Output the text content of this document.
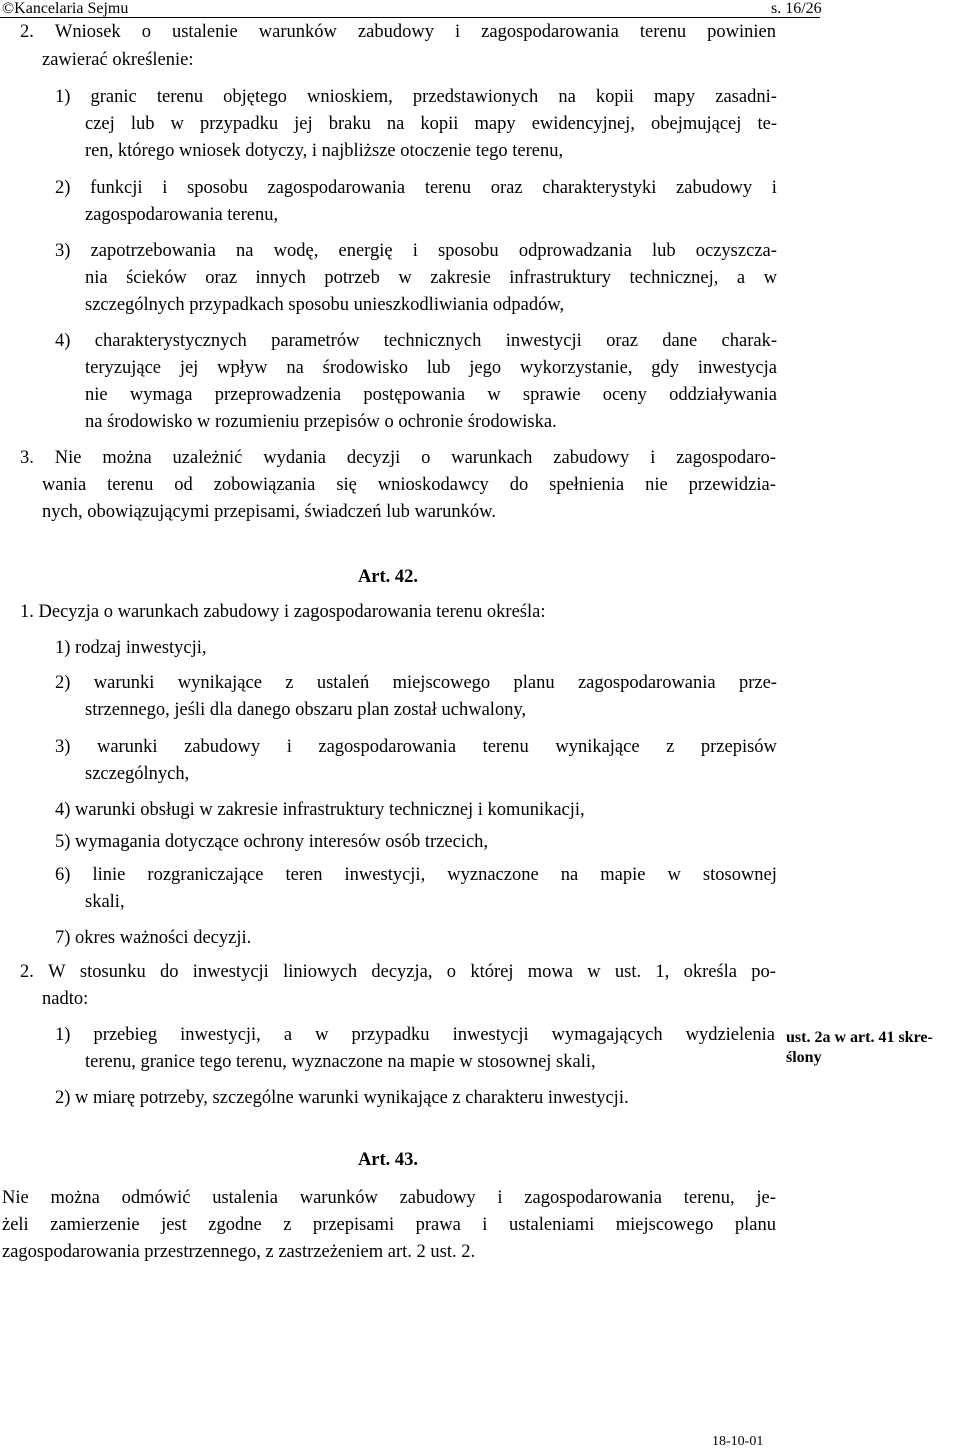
©Kancelaria Sejmu	s. 16/26
2. Wniosek o ustalenie warunków zabudowy i zagospodarowania terenu powinien
zawierać określenie:
1) granic terenu objętego wnioskiem, przedstawionych na kopii mapy zasadni-
czej lub w przypadku jej braku na kopii mapy ewidencyjnej, obejmującej te-
ren, którego wniosek dotyczy, i najbliższe otoczenie tego terenu,
2) funkcji i sposobu zagospodarowania terenu oraz charakterystyki zabudowy i
zagospodarowania terenu,
3) zapotrzebowania na wodę, energię i sposobu odprowadzania lub oczyszcza-
nia ścieków oraz innych potrzeb w zakresie infrastruktury technicznej, a w
szczególnych przypadkach sposobu unieszkodliwiania odpadów,
4) charakterystycznych parametrów technicznych inwestycji oraz dane charak-
teryzujące jej wpływ na środowisko lub jego wykorzystanie, gdy inwestycja
nie wymaga przeprowadzenia postępowania w sprawie oceny oddziaływania
na środowisko w rozumieniu przepisów o ochronie środowiska.
3. Nie można uzależnić wydania decyzji o warunkach zabudowy i zagospodaro-
wania terenu od zobowiązania się wnioskodawcy do spełnienia nie przewidzia-
nych, obowiązującymi przepisami, świadczeń lub warunków.
1. Decyzja o warunkach zabudowy i zagospodarowania terenu określa:
1) rodzaj inwestycji,
2) warunki wynikające z ustaleń miejscowego planu zagospodarowania prze-
strzennego, jeśli dla danego obszaru plan został uchwalony,
3) warunki zabudowy i zagospodarowania terenu wynikające z przepisów
szczególnych,
4) warunki obsługi w zakresie infrastruktury technicznej i komunikacji,
5) wymagania dotyczące ochrony interesów osób trzecich,
6) linie rozgraniczające teren inwestycji, wyznaczone na mapie w stosownej
skali,
7) okres ważności decyzji.
2. W stosunku do inwestycji liniowych decyzja, o której mowa w ust. 1, określa po-
nadto:
1) przebieg inwestycji, a w przypadku inwestycji wymagających wydzielenia
terenu, granice tego terenu, wyznaczone na mapie w stosownej skali,
2) w miarę potrzeby, szczególne warunki wynikające z charakteru inwestycji.
Nie można odmówić ustalenia warunków zabudowy i zagospodarowania terenu, je-
żeli zamierzenie jest zgodne z przepisami prawa i ustaleniami miejscowego planu
zagospodarowania przestrzennego, z zastrzeżeniem art. 2 ust. 2.
Art. 42.
Art. 43.
ust. 2a w art. 41 skre-
ślony
18-10-01
